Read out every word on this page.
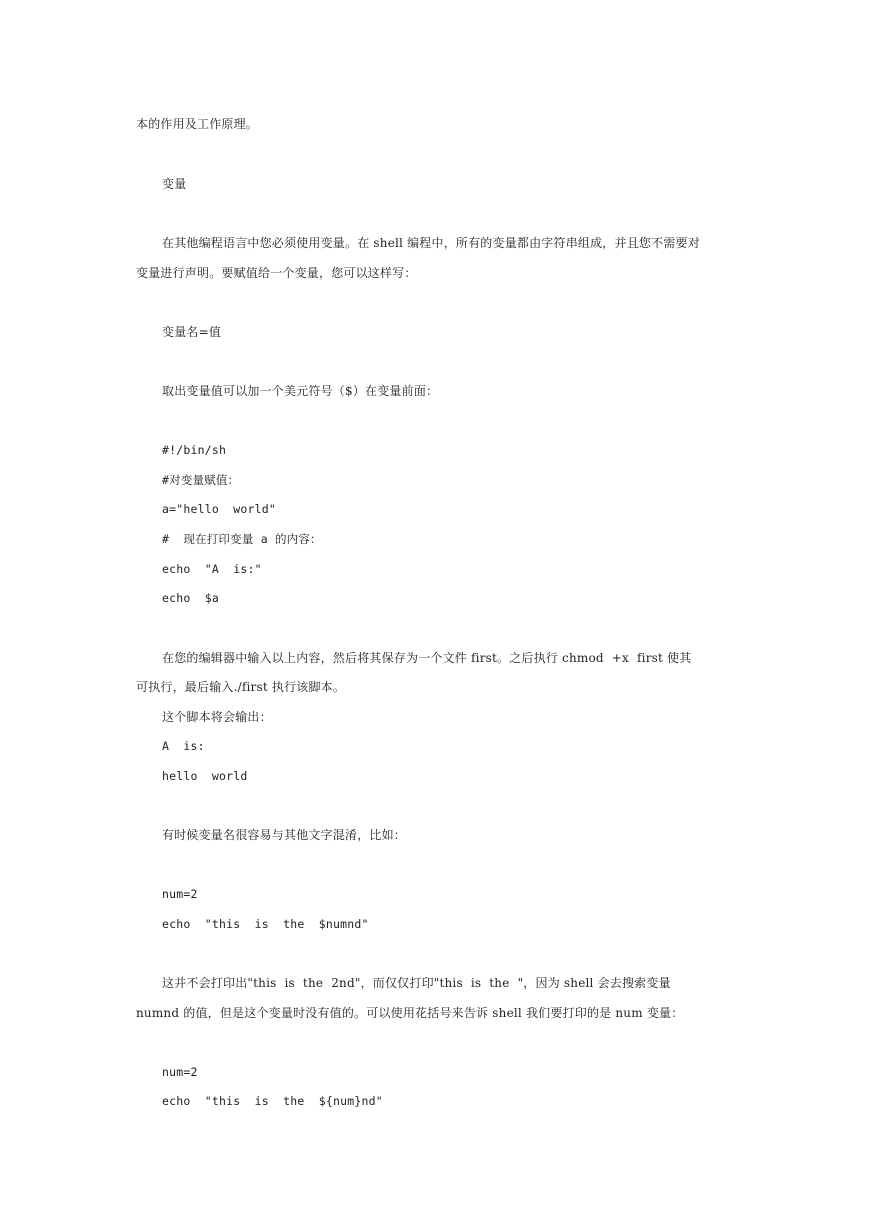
本的作用及工作原理。
变量
在其他编程语言中您必须使用变量。在 shell 编程中，所有的变量都由字符串组成，并且您不需要对
变量进行声明。要赋值给一个变量，您可以这样写：
变量名=值
取出变量值可以加一个美元符号（$）在变量前面：
#!/bin/sh
#对变量赋值：
a="hello  world"
#  现在打印变量 a 的内容：
echo  "A  is:"
echo  $a
在您的编辑器中输入以上内容，然后将其保存为一个文件 first。之后执行 chmod  +x  first 使其
可执行，最后输入./first 执行该脚本。
这个脚本将会输出：
A  is:
hello  world
有时候变量名很容易与其他文字混淆，比如：
num=2
echo  "this  is  the  $numnd"
这并不会打印出"this  is  the  2nd"，而仅仅打印"this  is  the  "，因为 shell 会去搜索变量
numnd 的值，但是这个变量时没有值的。可以使用花括号来告诉 shell 我们要打印的是 num 变量：
num=2
echo  "this  is  the  ${num}nd"
